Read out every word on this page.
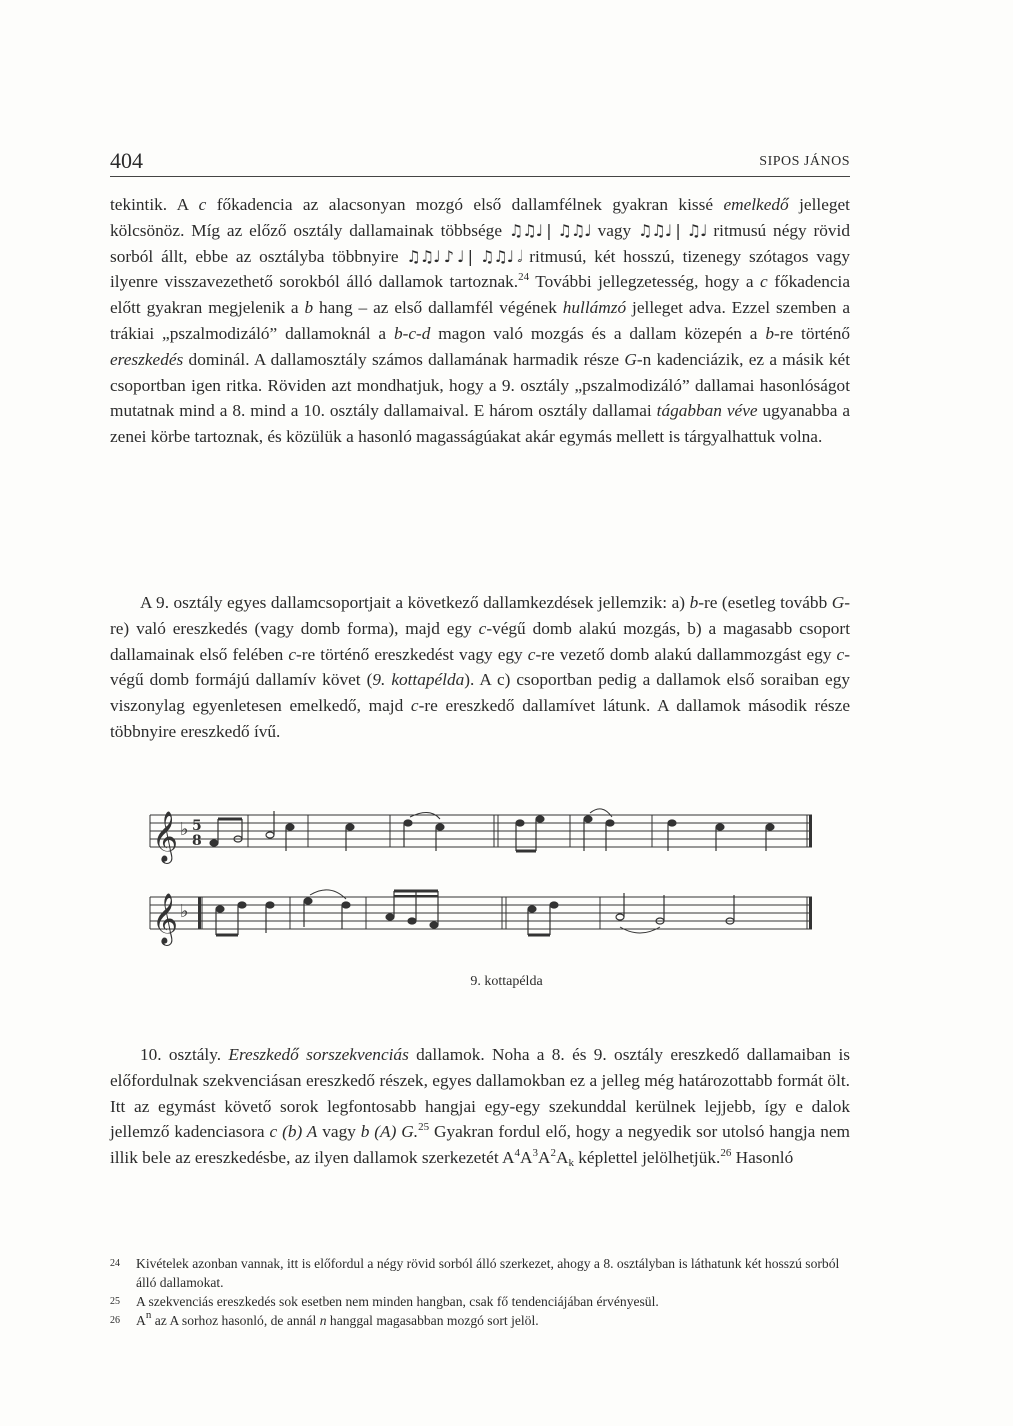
404	SIPOS JÁNOS
tekintik. A c főkadencia az alacsonyan mozgó első dallamfélnek gyakran kissé emelkedő jelleget kölcsönöz. Míg az előző osztály dallamainak többsége ♫♫♩ | ♫♫♩ vagy ♫♫♩ | ♫♩ ritmusú négy rövid sorból állt, ebbe az osztályba többnyire ♫♫♩ ♪ ♩ | ♫♫♩ 𝅗𝅥 ritmusú, két hosszú, tizenegy szótagos vagy ilyenre visszavezethető sorokból álló dallamok tartoznak.$^{24}$ További jellegzetesség, hogy a c főkadencia előtt gyakran megjelenik a b hang – az első dallamfél végének hullámzó jelleget adva. Ezzel szemben a trákiai „pszalmodizáló” dallamoknál a b-c-d magon való mozgás és a dallam közepén a b-re történő ereszkedés dominál. A dallamosztály számos dallamának harmadik része G-n kadenciázik, ez a másik két csoportban igen ritka. Röviden azt mondhatjuk, hogy a 9. osztály „pszalmodizáló” dallamai hasonlóságot mutatnak mind a 8. mind a 10. osztály dallamaival. E három osztály dallamai tágabban véve ugyanabba a zenei körbe tartoznak, és közülük a hasonló magasságúakat akár egymás mellett is tárgyalhattuk volna.
A 9. osztály egyes dallamcsoportjait a következő dallamkezdések jellemzik: a) b-re (esetleg tovább G-re) való ereszkedés (vagy domb forma), majd egy c-végű domb alakú mozgás, b) a magasabb csoport dallamainak első felében c-re történő ereszkedést vagy egy c-re vezető domb alakú dallammozgást egy c-végű domb formájú dallamív követ (9. kottapélda). A c) csoportban pedig a dallamok első soraiban egy viszonylag egyenletesen emelkedő, majd c-re ereszkedő dallamívet látunk. A dallamok második része többnyire ereszkedő ívű.
𝄞 ♭ 5
8
𝄞 ♭
9. kottapélda
10. osztály. Ereszkedő sorszekvenciás dallamok. Noha a 8. és 9. osztály ereszkedő dallamaiban is előfordulnak szekvenciásan ereszkedő részek, egyes dallamokban ez a jelleg még határozottabb formát ölt. Itt az egymást követő sorok legfontosabb hangjai egy-egy szekunddal kerülnek lejjebb, így e dalok jellemző kadenciasora c (b) A vagy b (A) G.$^{25}$ Gyakran fordul elő, hogy a negyedik sor utolsó hangja nem illik bele az ereszkedésbe, az ilyen dallamok szerkezetét $A^4A^3A^2A_k$ képlettel jelölhetjük.$^{26}$ Hasonló
24 Kivételek azonban vannak, itt is előfordul a négy rövid sorból álló szerkezet, ahogy a 8. osztályban is láthatunk két hosszú sorból álló dallamokat.
25 A szekvenciás ereszkedés sok esetben nem minden hangban, csak fő tendenciájában érvényesül.
26 $A^n$ az A sorhoz hasonló, de annál n hanggal magasabban mozgó sort jelöl.
